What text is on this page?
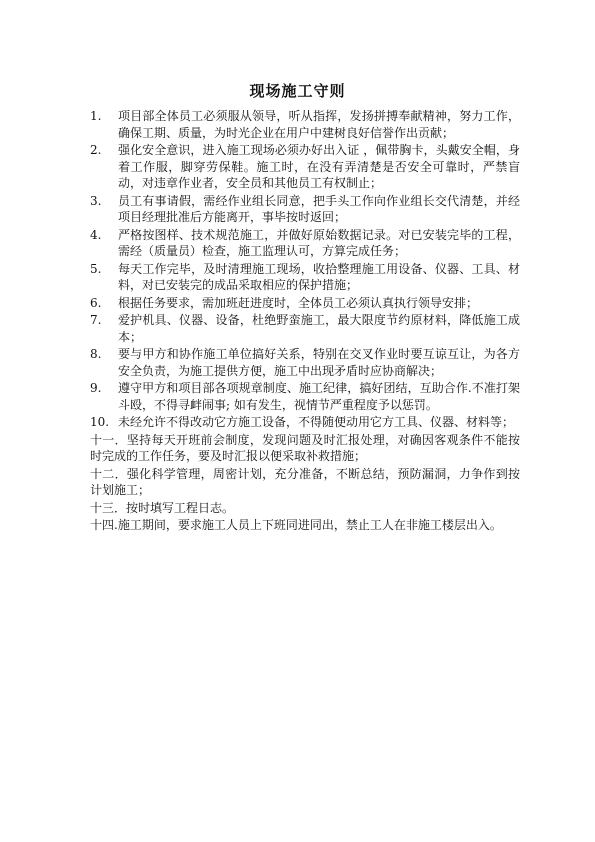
现场施工守则
1.	项目部全体员工必须服从领导，听从指挥，发扬拼搏奉献精神，努力工作，确保工期、质量，为时光企业在用户中建树良好信誉作出贡献；
2.	强化安全意识，进入施工现场必须办好出入证 ，佩带胸卡，头戴安全帽，身着工作服，脚穿劳保鞋。施工时，在没有弄清楚是否安全可靠时，严禁盲动，对违章作业者，安全员和其他员工有权制止；
3.	员工有事请假，需经作业组长同意，把手头工作向作业组长交代清楚，并经项目经理批准后方能离开，事毕按时返回；
4.	严格按图样、技术规范施工，并做好原始数据记录。对已安装完毕的工程，需经（质量员）检查，施工监理认可，方算完成任务；
5.	每天工作完毕，及时清理施工现场，收拾整理施工用设备、仪器、工具、材料，对已安装完的成品采取相应的保护措施；
6.	根据任务要求，需加班赶进度时，全体员工必须认真执行领导安排；
7.	爱护机具、仪器、设备，杜绝野蛮施工，最大限度节约原材料，降低施工成本；
8.	要与甲方和协作施工单位搞好关系，特别在交叉作业时要互谅互让，为各方安全负责，为施工提供方便，施工中出现矛盾时应协商解决；
9.	遵守甲方和项目部各项规章制度、施工纪律，搞好团结，互助合作.不准打架斗殴，不得寻衅闹事; 如有发生，视情节严重程度予以惩罚。
10. 未经允许不得改动它方施工设备，不得随便动用它方工具、仪器、材料等；
十一．坚持每天开班前会制度，发现问题及时汇报处理，对确因客观条件不能按时完成的工作任务，要及时汇报以便采取补救措施；
十二．强化科学管理，周密计划，充分准备，不断总结，预防漏洞，力争作到按计划施工；
十三．按时填写工程日志。
十四.施工期间，要求施工人员上下班同进同出，禁止工人在非施工楼层出入。
